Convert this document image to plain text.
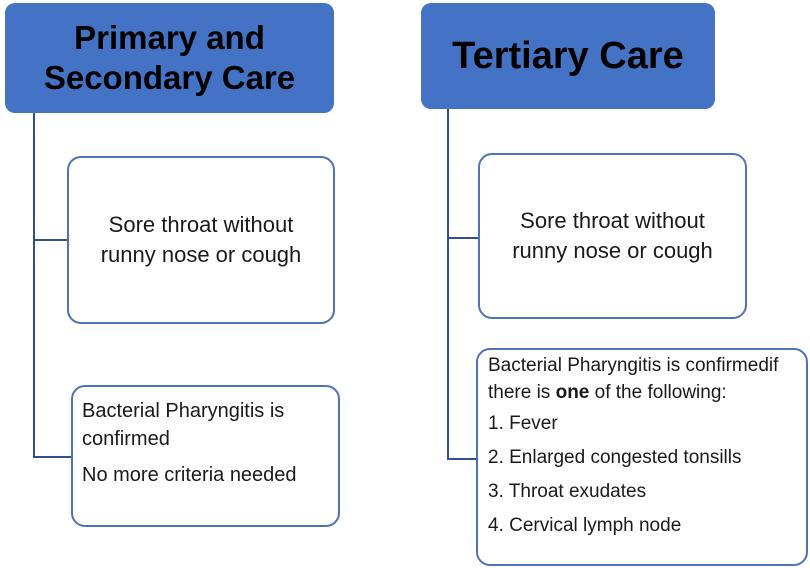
Primary and Secondary Care
Sore throat without runny nose or cough

Bacterial Pharyngitis is confirmed

No more criteria needed

Tertiary Care
Sore throat without runny nose or cough

Bacterial Pharyngitis is confirmedif there is one of the following:

1. Fever

2. Enlarged congested tonsills

3. Throat exudates

4. Cervical lymph node
